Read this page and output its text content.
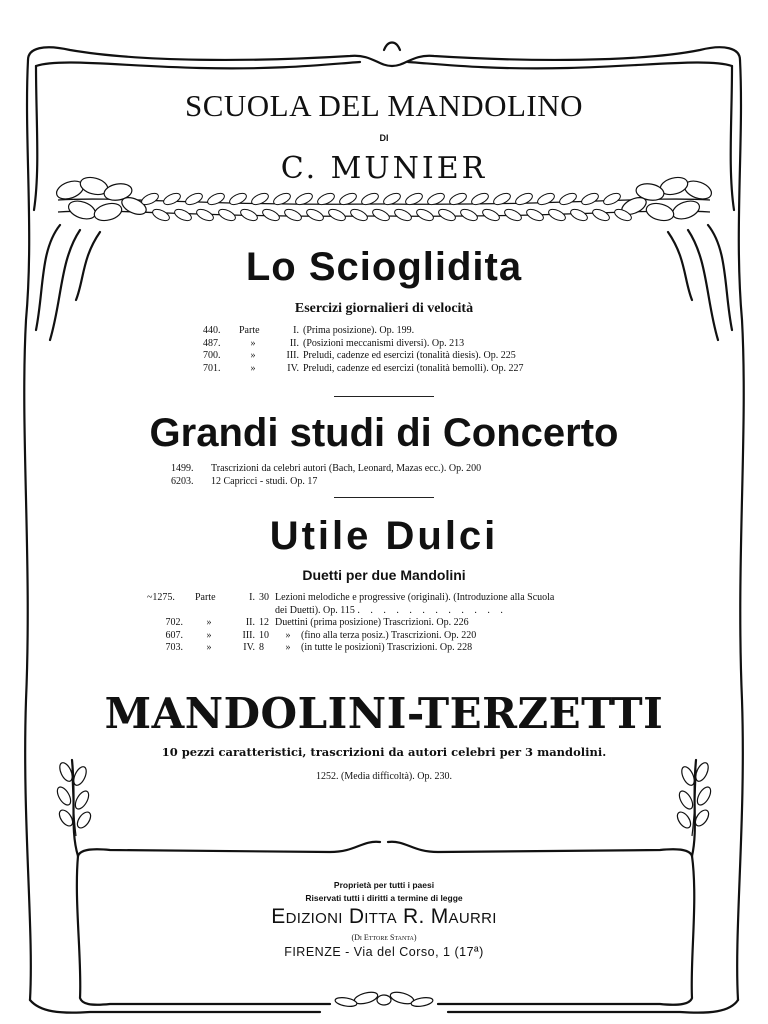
SCUOLA DEL MANDOLINO
DI
C. MUNIER
Lo Scioglidita
Esercizi giornalieri di velocità
440. Parte	I. (Prima posizione). Op. 199.
487.	»	II. (Posizioni meccanismi diversi). Op. 213
700.	»	III. Preludi, cadenze ed esercizi (tonalità diesis). Op. 225
701.	»	IV. Preludi, cadenze ed esercizi (tonalità bemolli). Op. 227
Grandi studi di Concerto
1499. Trascrizioni da celebri autori (Bach, Leonard, Mazas ecc.). Op. 200
6203. 12 Capricci - studi. Op. 17
Utile Dulci
Duetti per due Mandolini
~1275. Parte	I. 30 Lezioni melodiche e progressive (originali). (Introduzione alla Scuola
dei Duetti). Op. 115 . . . . . . . . . . . .
702. »	II. 12 Duettini (prima posizione) Trascrizioni. Op. 226
607. »	III. 10 » (fino alla terza posiz.) Trascrizioni. Op. 220
703. »	IV. 8 » (in tutte le posizioni) Trascrizioni. Op. 228
MANDOLINI-TERZETTI
10 pezzi caratteristici, trascrizioni da autori celebri per 3 mandolini.
1252. (Media difficoltà). Op. 230.
Proprietà per tutti i paesi
Riservati tutti i diritti a termine di legge
Edizioni Ditta R. Maurri
(Di Ettore Stanta)
FIRENZE - Via del Corso, 1 (17ª)
